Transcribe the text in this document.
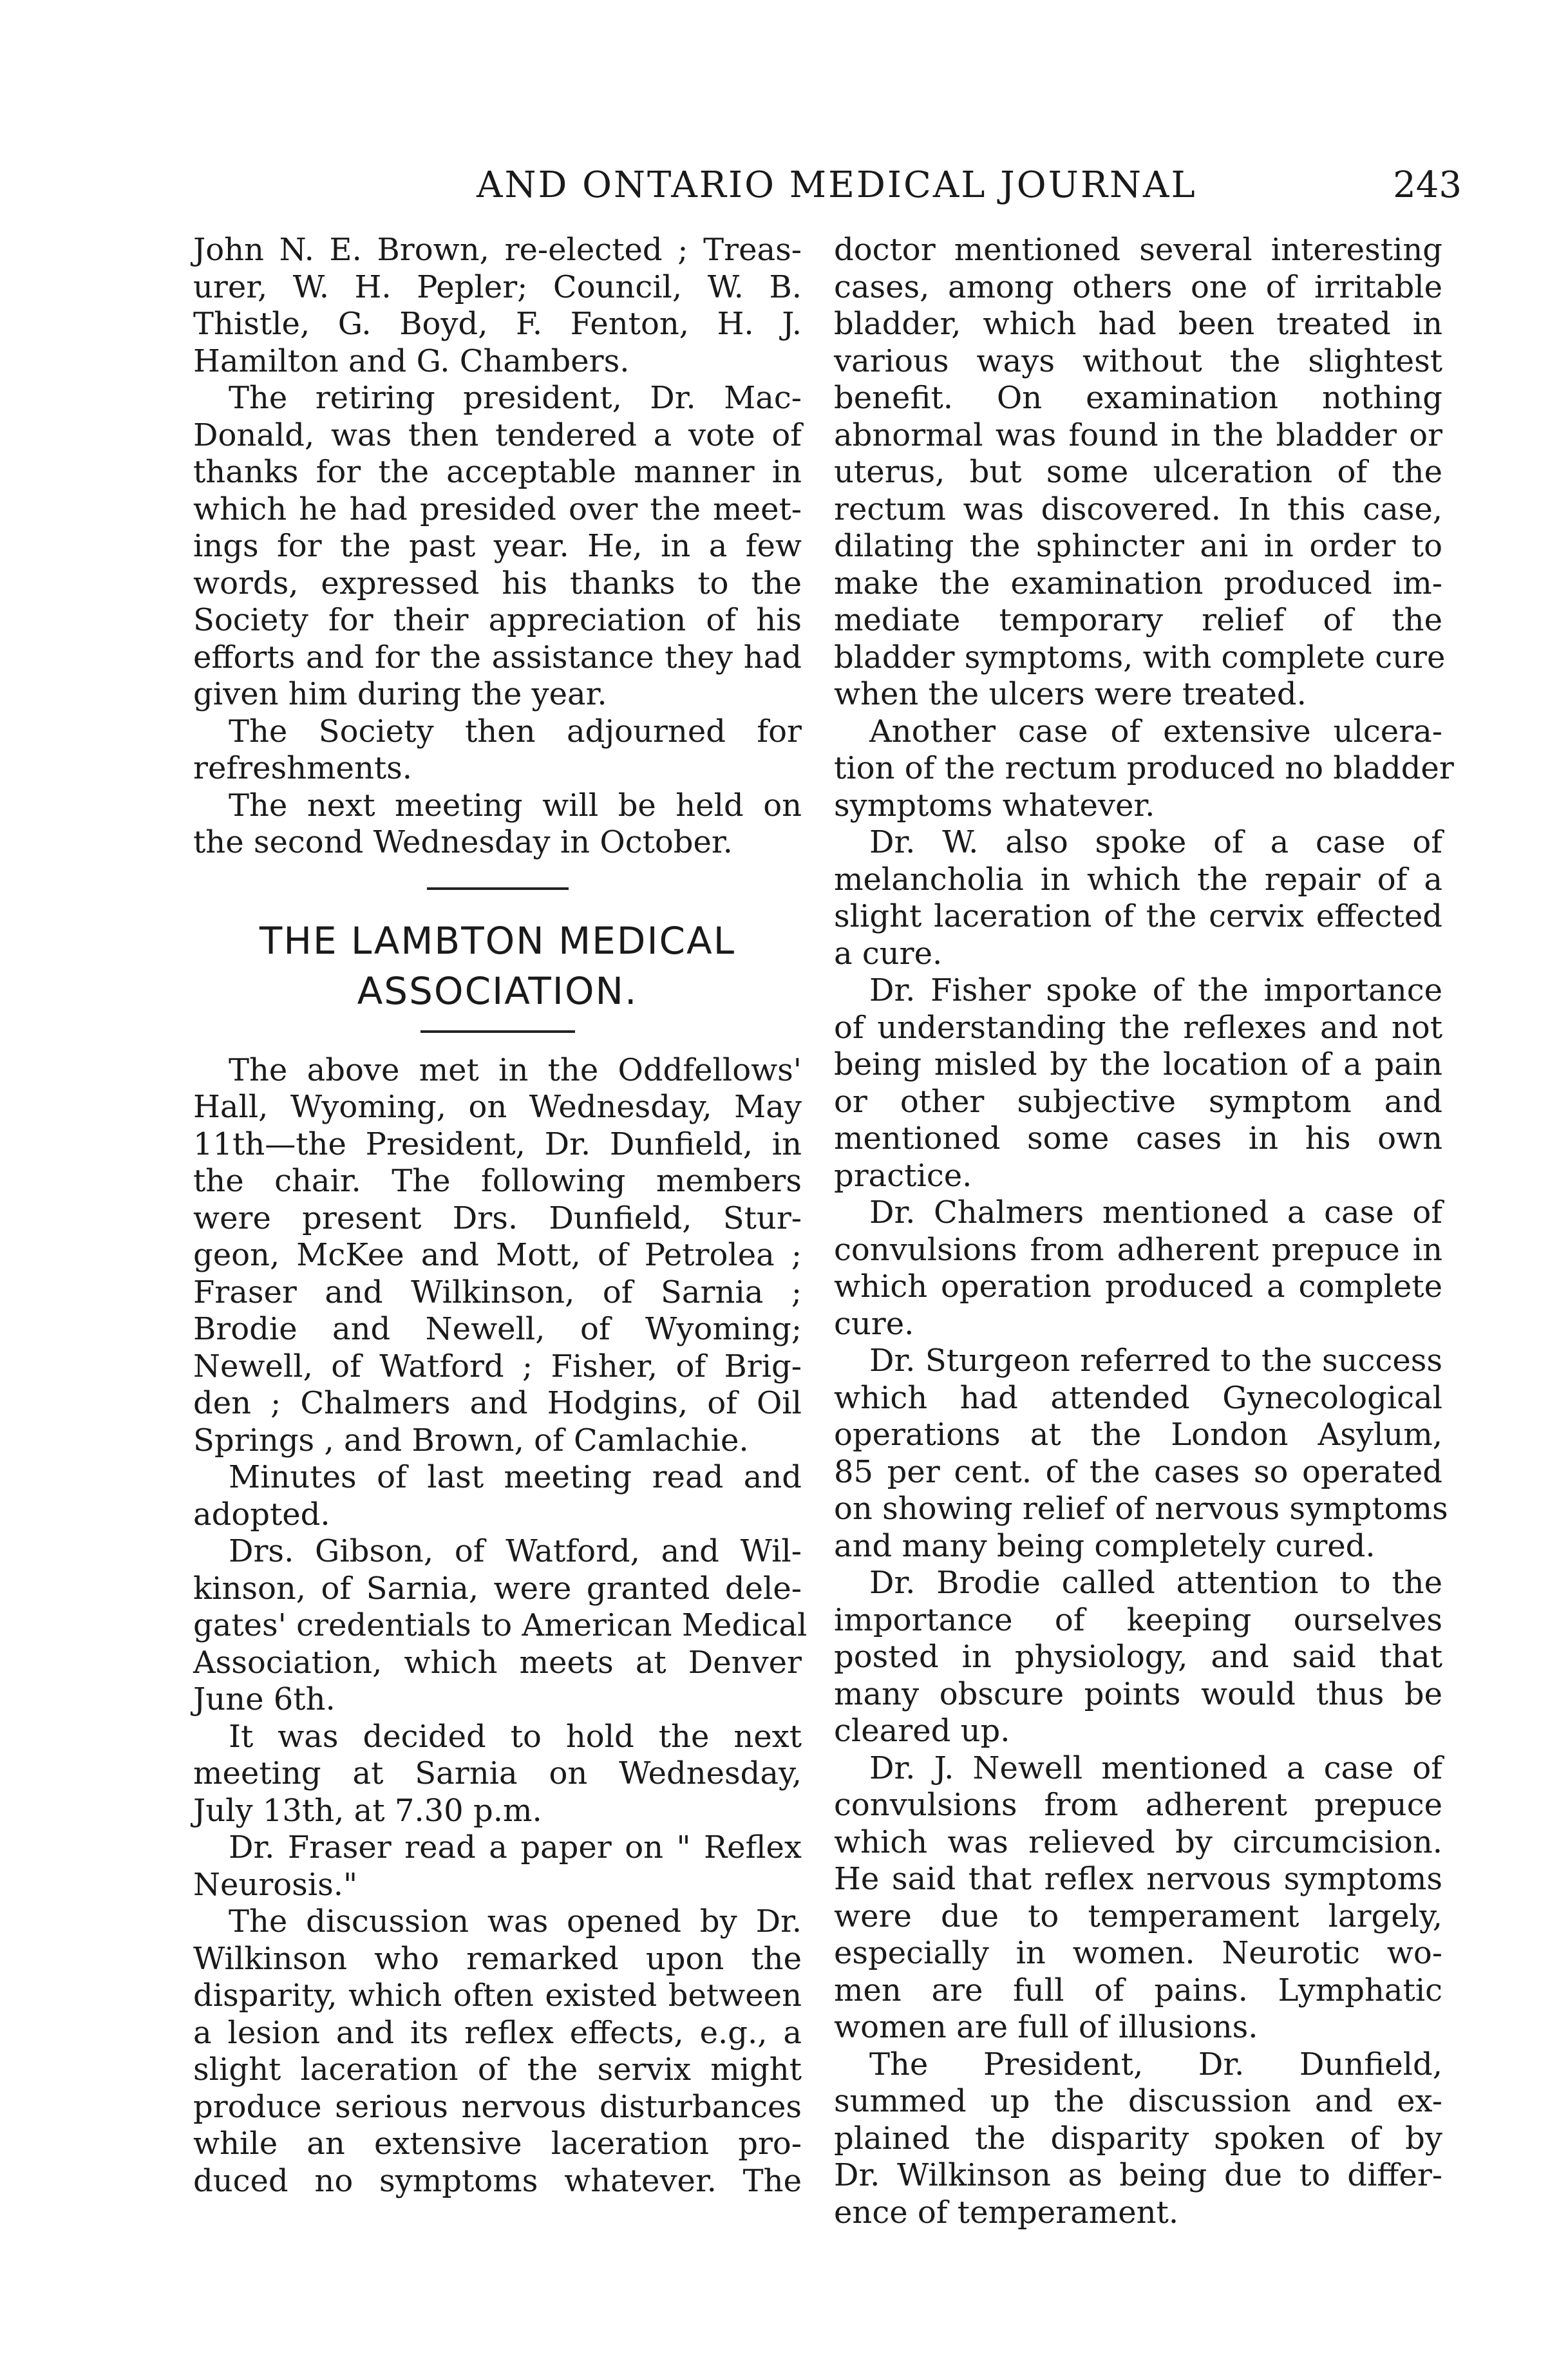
AND ONTARIO MEDICAL JOURNAL	243
John N. E. Brown, re-elected ; Treas-
urer, W. H. Pepler; Council, W. B.
Thistle, G. Boyd, F. Fenton, H. J.
Hamilton and G. Chambers.
The retiring president, Dr. Mac-
Donald, was then tendered a vote of
thanks for the acceptable manner in
which he had presided over the meet-
ings for the past year. He, in a few
words, expressed his thanks to the
Society for their appreciation of his
efforts and for the assistance they had
given him during the year.
The Society then adjourned for
refreshments.
The next meeting will be held on
the second Wednesday in October.
THE LAMBTON MEDICAL
ASSOCIATION.
The above met in the Oddfellows'
Hall, Wyoming, on Wednesday, May
11th—the President, Dr. Dunfield, in
the chair. The following members
were present Drs. Dunfield, Stur-
geon, McKee and Mott, of Petrolea ;
Fraser and Wilkinson, of Sarnia ;
Brodie and Newell, of Wyoming;
Newell, of Watford ; Fisher, of Brig-
den ; Chalmers and Hodgins, of Oil
Springs , and Brown, of Camlachie.
Minutes of last meeting read and
adopted.
Drs. Gibson, of Watford, and Wil-
kinson, of Sarnia, were granted dele-
gates' credentials to American Medical
Association, which meets at Denver
June 6th.
It was decided to hold the next
meeting at Sarnia on Wednesday,
July 13th, at 7.30 p.m.
Dr. Fraser read a paper on " Reflex
Neurosis."
The discussion was opened by Dr.
Wilkinson who remarked upon the
disparity, which often existed between
a lesion and its reflex effects, e.g., a
slight laceration of the servix might
produce serious nervous disturbances
while an extensive laceration pro-
duced no symptoms whatever. The
doctor mentioned several interesting
cases, among others one of irritable
bladder, which had been treated in
various ways without the slightest
benefit. On examination nothing
abnormal was found in the bladder or
uterus, but some ulceration of the
rectum was discovered. In this case,
dilating the sphincter ani in order to
make the examination produced im-
mediate temporary relief of the
bladder symptoms, with complete cure
when the ulcers were treated.
Another case of extensive ulcera-
tion of the rectum produced no bladder
symptoms whatever.
Dr. W. also spoke of a case of
melancholia in which the repair of a
slight laceration of the cervix effected
a cure.
Dr. Fisher spoke of the importance
of understanding the reflexes and not
being misled by the location of a pain
or other subjective symptom and
mentioned some cases in his own
practice.
Dr. Chalmers mentioned a case of
convulsions from adherent prepuce in
which operation produced a complete
cure.
Dr. Sturgeon referred to the success
which had attended Gynecological
operations at the London Asylum,
85 per cent. of the cases so operated
on showing relief of nervous symptoms
and many being completely cured.
Dr. Brodie called attention to the
importance of keeping ourselves
posted in physiology, and said that
many obscure points would thus be
cleared up.
Dr. J. Newell mentioned a case of
convulsions from adherent prepuce
which was relieved by circumcision.
He said that reflex nervous symptoms
were due to temperament largely,
especially in women. Neurotic wo-
men are full of pains. Lymphatic
women are full of illusions.
The President, Dr. Dunfield,
summed up the discussion and ex-
plained the disparity spoken of by
Dr. Wilkinson as being due to differ-
ence of temperament.
